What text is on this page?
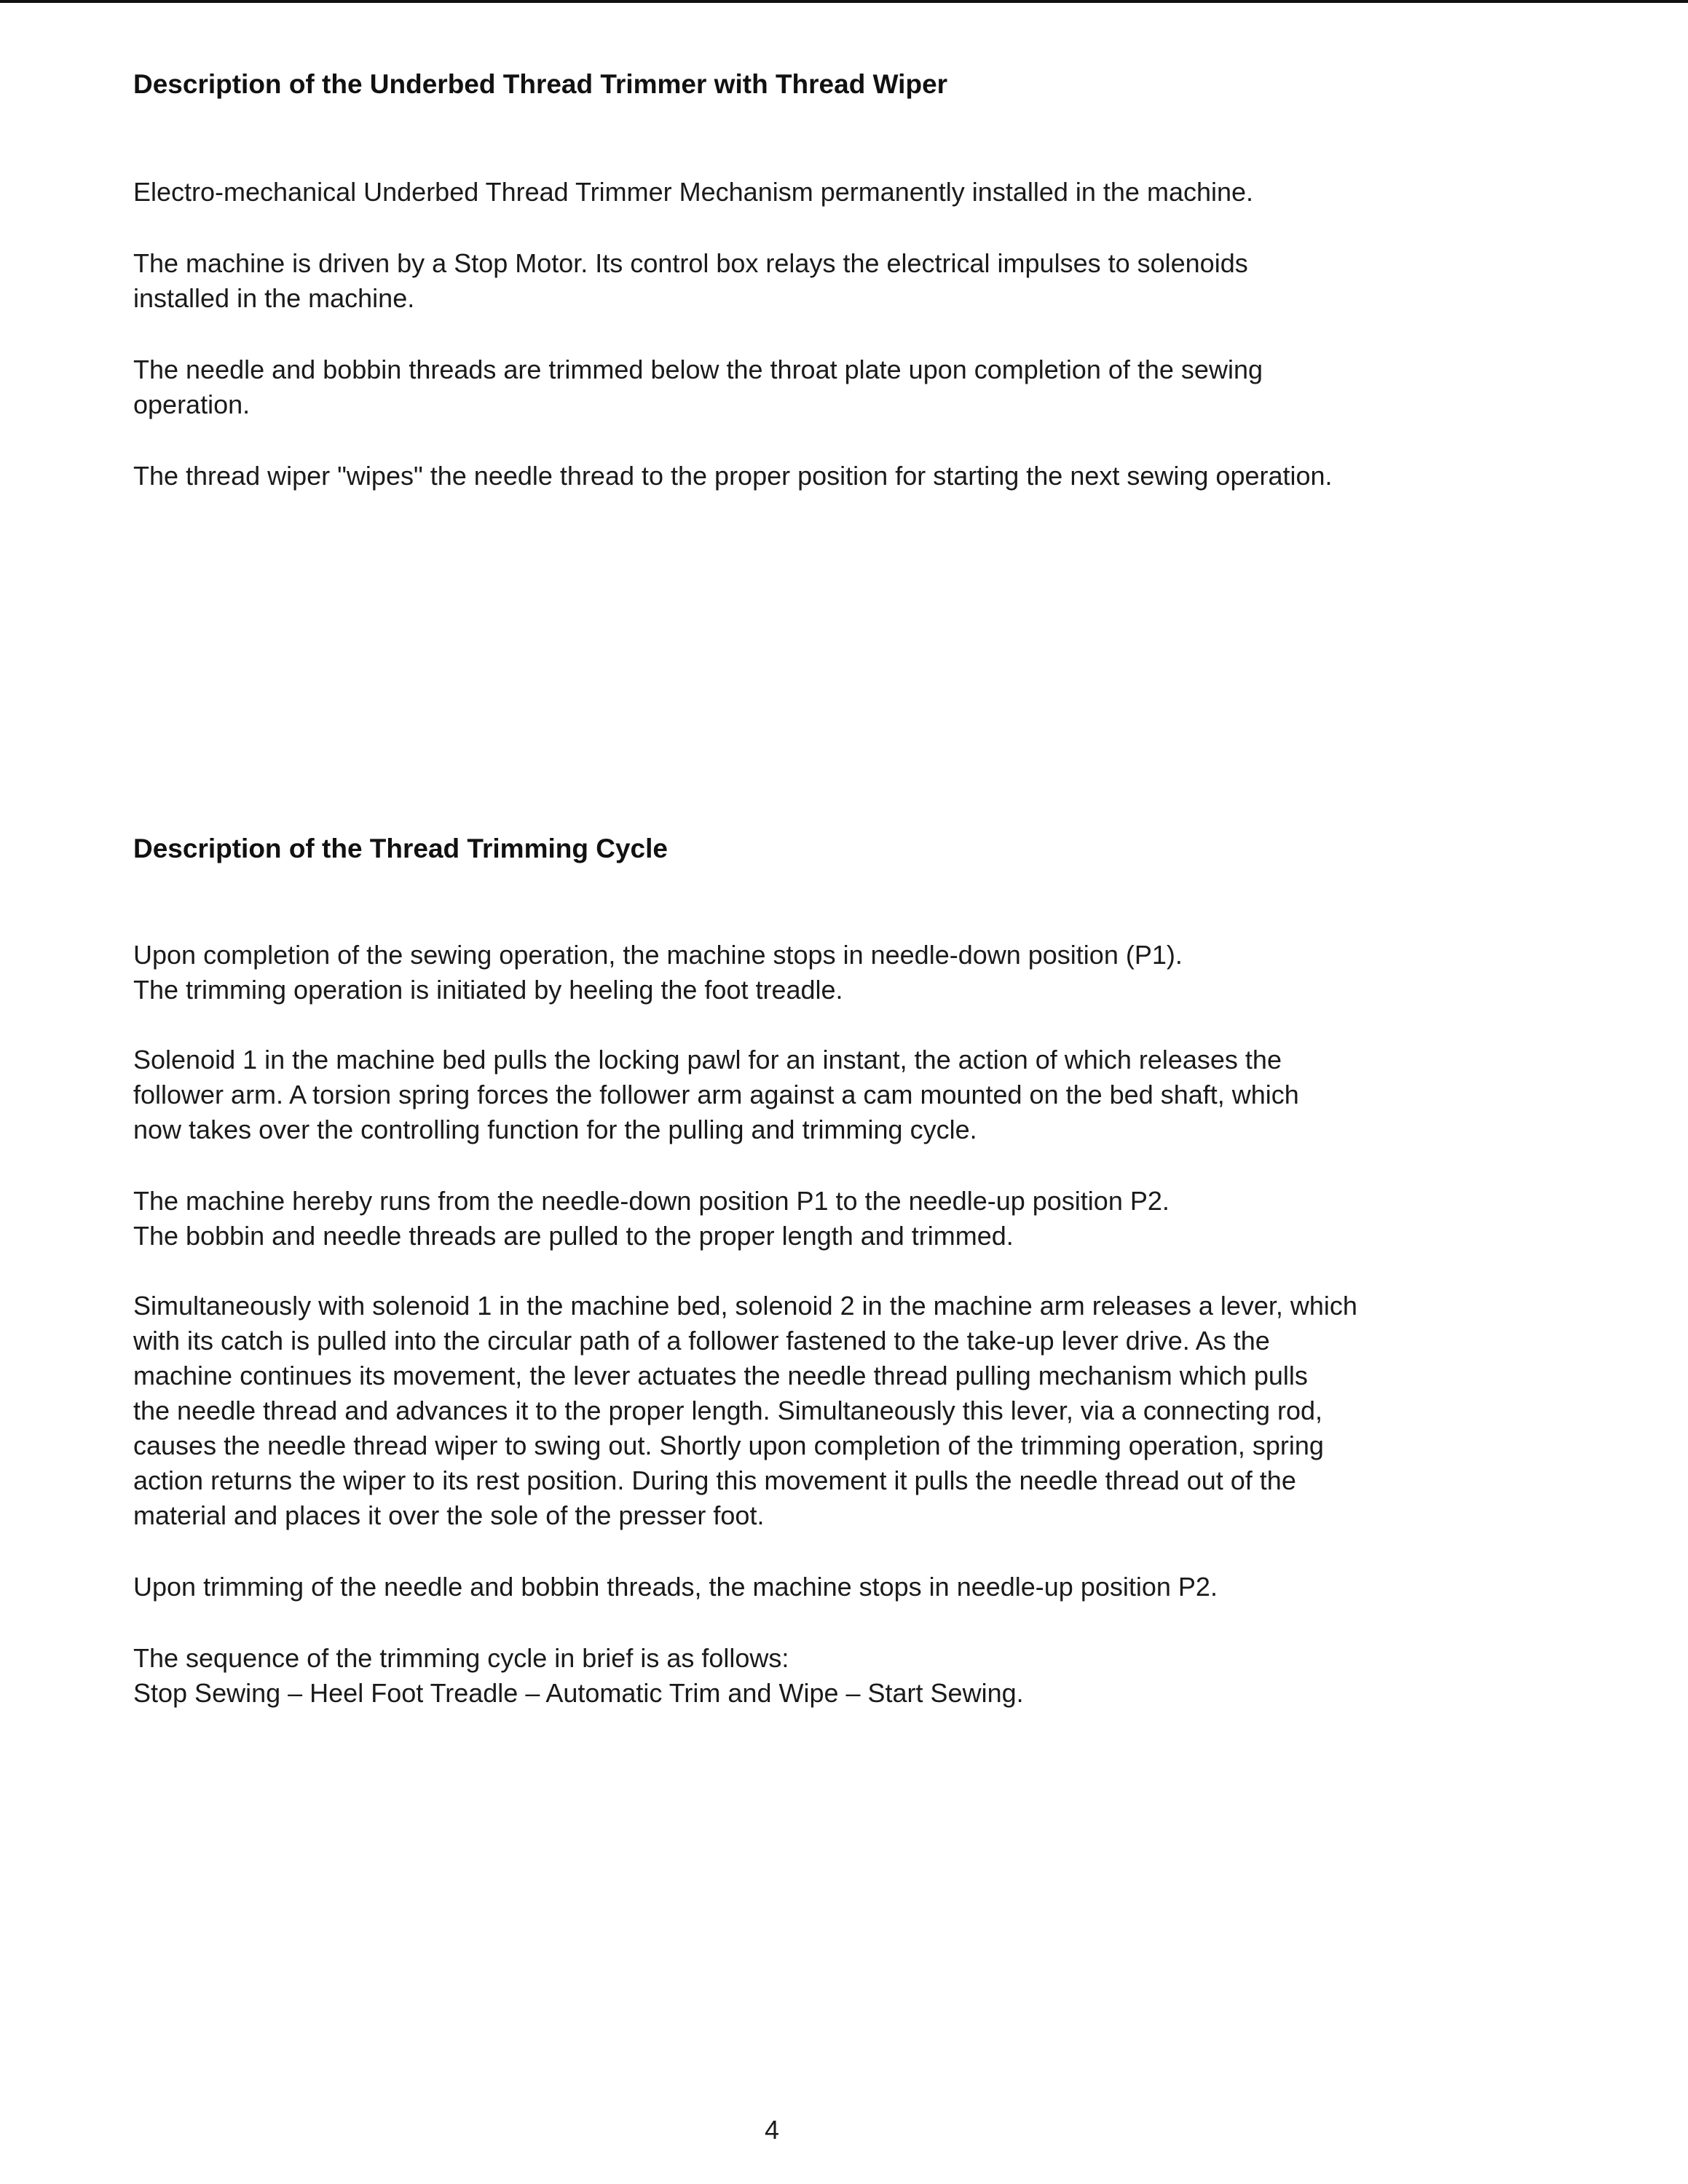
Description of the Underbed Thread Trimmer with Thread Wiper

Electro-mechanical Underbed Thread Trimmer Mechanism permanently installed in the machine.

The machine is driven by a Stop Motor. Its control box relays the electrical impulses to solenoids
installed in the machine.

The needle and bobbin threads are trimmed below the throat plate upon completion of the sewing
operation.

The thread wiper "wipes" the needle thread to the proper position for starting the next sewing operation.

Description of the Thread Trimming Cycle

Upon completion of the sewing operation, the machine stops in needle-down position (P1).
The trimming operation is initiated by heeling the foot treadle.

Solenoid 1 in the machine bed pulls the locking pawl for an instant, the action of which releases the
follower arm. A torsion spring forces the follower arm against a cam mounted on the bed shaft, which
now takes over the controlling function for the pulling and trimming cycle.

The machine hereby runs from the needle-down position P1 to the needle-up position P2.
The bobbin and needle threads are pulled to the proper length and trimmed.

Simultaneously with solenoid 1 in the machine bed, solenoid 2 in the machine arm releases a lever, which
with its catch is pulled into the circular path of a follower fastened to the take-up lever drive. As the
machine continues its movement, the lever actuates the needle thread pulling mechanism which pulls
the needle thread and advances it to the proper length. Simultaneously this lever, via a connecting rod,
causes the needle thread wiper to swing out. Shortly upon completion of the trimming operation, spring
action returns the wiper to its rest position. During this movement it pulls the needle thread out of the
material and places it over the sole of the presser foot.

Upon trimming of the needle and bobbin threads, the machine stops in needle-up position P2.

The sequence of the trimming cycle in brief is as follows:
Stop Sewing – Heel Foot Treadle – Automatic Trim and Wipe – Start Sewing.

4
